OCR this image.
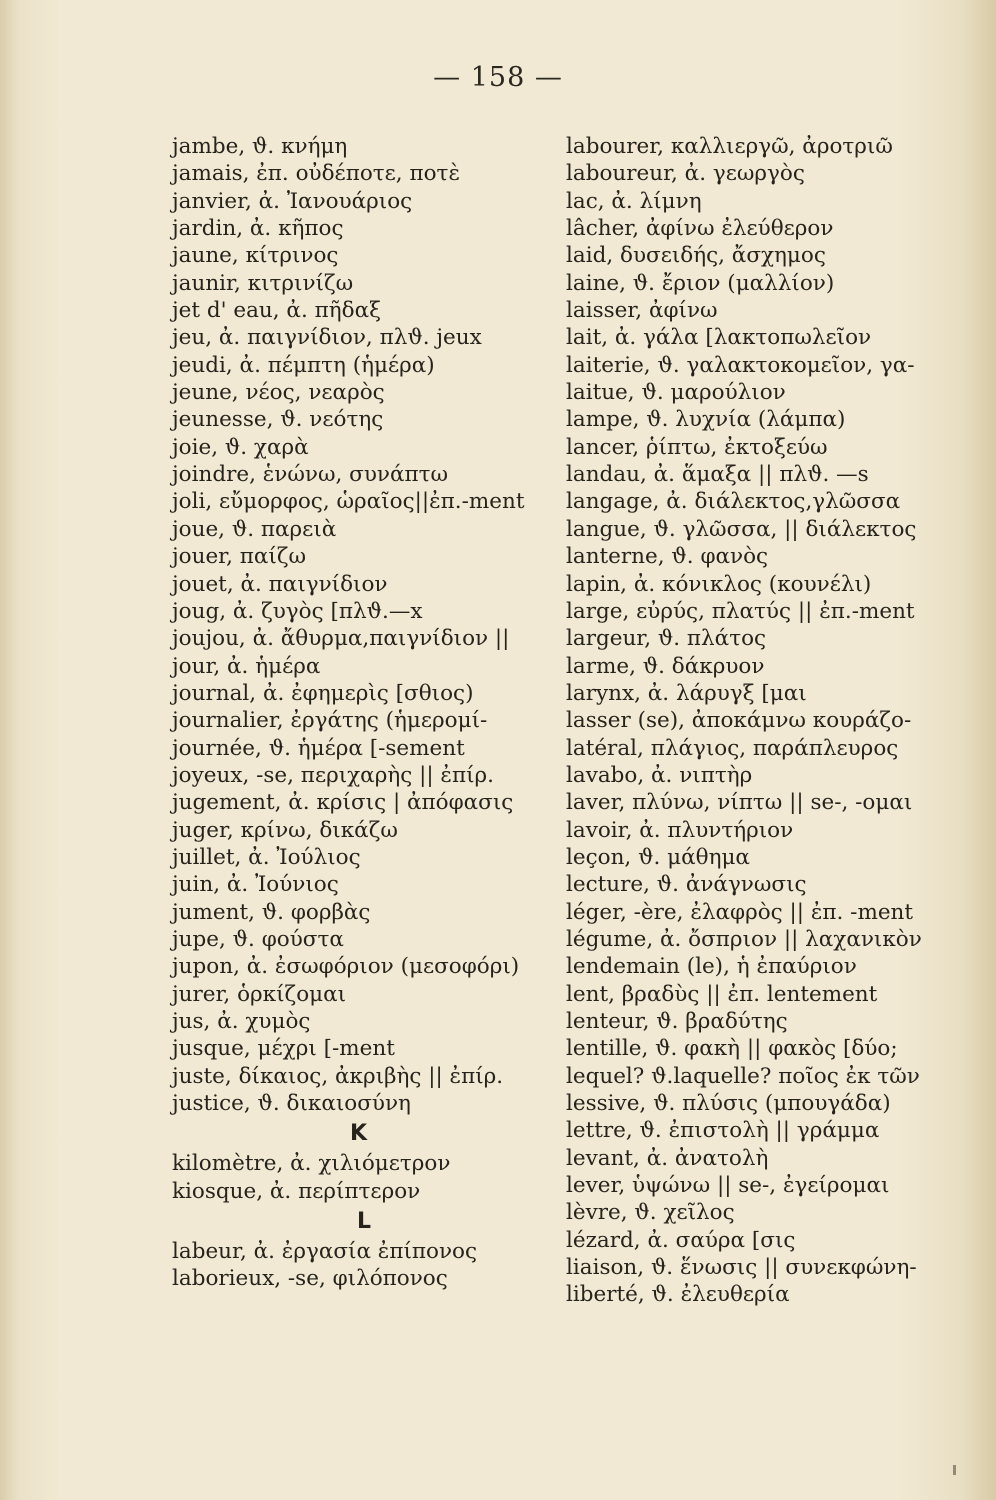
— 158 —
jambe, ϑ. κνήμη
jamais, ἐπ. οὐδέποτε, ποτὲ
janvier, ἀ. Ἰανουάριος
jardin, ἀ. κῆπος
jaune, κίτρινος
jaunir, κιτρινίζω
jet d' eau, ἀ. πῆδαξ
jeu, ἀ. παιγνίδιον, πλϑ. jeux
jeudi, ἀ. πέμπτη (ἡμέρα)
jeune, νέος, νεαρὸς
jeunesse, ϑ. νεότης
joie, ϑ. χαρὰ
joindre, ἑνώνω, συνάπτω
joli, εὔμορφος, ὡραῖος||ἐπ.-ment
joue, ϑ. παρειὰ
jouer, παίζω
jouet, ἀ. παιγνίδιον
joug, ἀ. ζυγὸς [πλϑ.—x
joujou, ἀ. ἄθυρμα,παιγνίδιον ||
jour, ἀ. ἡμέρα
journal, ἀ. ἐφημερὶς [σθιος)
journalier, ἐργάτης (ἡμερομί-
journée, ϑ. ἡμέρα [-sement
joyeux, -se, περιχαρὴς || ἐπίρ.
jugement, ἀ. κρίσις | ἀπόφασις
juger, κρίνω, δικάζω
juillet, ἀ. Ἰούλιος
juin, ἀ. Ἰούνιος
jument, ϑ. φορβὰς
jupe, ϑ. φούστα
jupon, ἀ. ἐσωφόριον (μεσοφόρι)
jurer, ὁρκίζομαι
jus, ἀ. χυμὸς
jusque, μέχρι [-ment
juste, δίκαιος, ἀκριβὴς || ἐπίρ.
justice, ϑ. δικαιοσύνη
K
kilomètre, ἀ. χιλιόμετρον
kiosque, ἀ. περίπτερον
L
labeur, ἀ. ἐργασία ἐπίπονος
laborieux, -se, φιλόπονος
labourer, καλλιεργῶ, ἀροτριῶ
laboureur, ἀ. γεωργὸς
lac, ἀ. λίμνη
lâcher, ἀφίνω ἐλεύθερον
laid, δυσειδής, ἄσχημος
laine, ϑ. ἔριον (μαλλίον)
laisser, ἀφίνω
lait, ἀ. γάλα [λακτοπωλεῖον
laiterie, ϑ. γαλακτοκομεῖον, γα-
laitue, ϑ. μαρούλιον
lampe, ϑ. λυχνία (λάμπα)
lancer, ῥίπτω, ἐκτοξεύω
landau, ἀ. ἅμαξα || πλϑ. —s
langage, ἀ. διάλεκτος,γλῶσσα
langue, ϑ. γλῶσσα, || διάλεκτος
lanterne, ϑ. φανὸς
lapin, ἀ. κόνικλος (κουνέλι)
large, εὐρύς, πλατύς || ἐπ.-ment
largeur, ϑ. πλάτος
larme, ϑ. δάκρυον
larynx, ἀ. λάρυγξ [μαι
lasser (se), ἀποκάμνω κουράζο-
latéral, πλάγιος, παράπλευρος
lavabo, ἀ. νιπτὴρ
laver, πλύνω, νίπτω || se-, -ομαι
lavoir, ἀ. πλυντήριον
leçon, ϑ. μάθημα
lecture, ϑ. ἀνάγνωσις
léger, -ère, ἐλαφρὸς || ἐπ. -ment
légume, ἀ. ὄσπριον || λαχανικὸν
lendemain (le), ἡ ἐπαύριον
lent, βραδὺς || ἐπ. lentement
lenteur, ϑ. βραδύτης
lentille, ϑ. φακὴ || φακὸς [δύο;
lequel? ϑ.laquelle? ποῖος ἐκ τῶν
lessive, ϑ. πλύσις (μπουγάδα)
lettre, ϑ. ἐπιστολὴ || γράμμα
levant, ἀ. ἀνατολὴ
lever, ὑψώνω || se-, ἐγείρομαι
lèvre, ϑ. χεῖλος
lézard, ἀ. σαύρα [σις
liaison, ϑ. ἕνωσις || συνεκφώνη-
liberté, ϑ. ἐλευθερία
